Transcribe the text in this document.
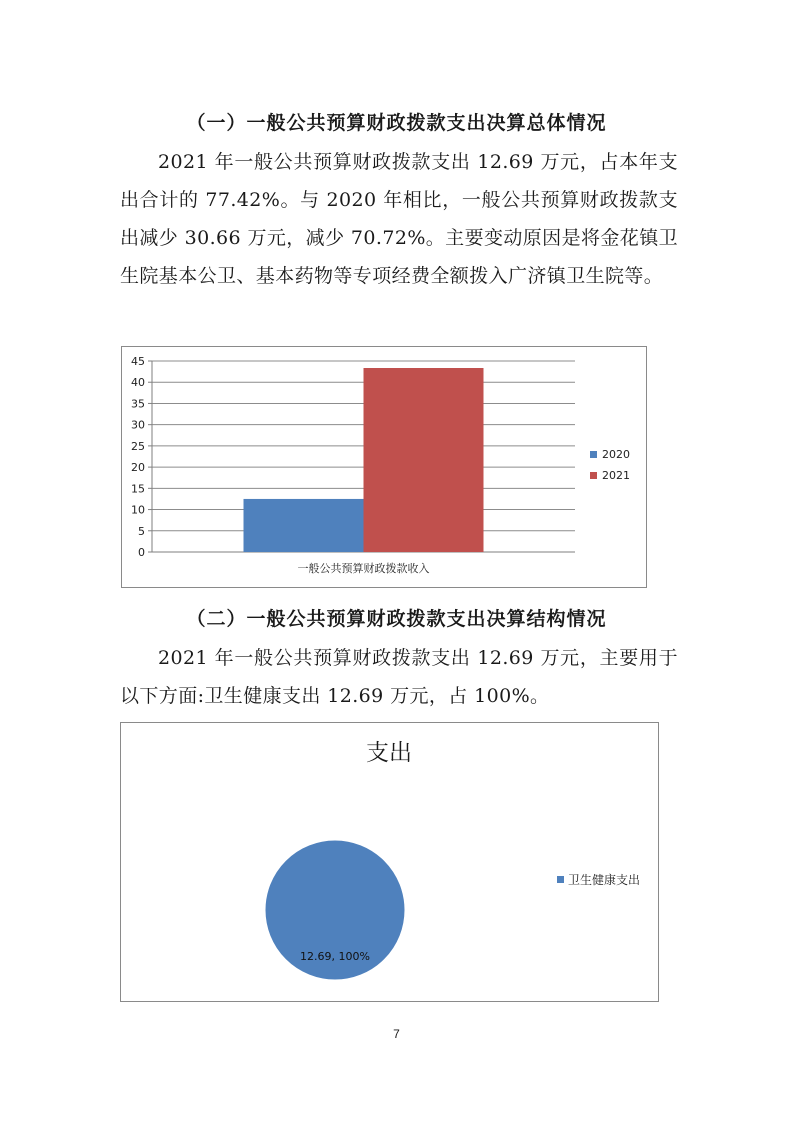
（一）一般公共预算财政拨款支出决算总体情况
2021 年一般公共预算财政拨款支出 12.69 万元，占本年支出合计的 77.42%。与 2020 年相比，一般公共预算财政拨款支出减少 30.66 万元，减少 70.72%。主要变动原因是将金花镇卫生院基本公卫、基本药物等专项经费全额拨入广济镇卫生院等。
0
5
10
15
20
25
30
35
40
45
一般公共预算财政拨款收入
2020
2021
（二）一般公共预算财政拨款支出决算结构情况
2021 年一般公共预算财政拨款支出 12.69 万元，主要用于以下方面:卫生健康支出 12.69 万元，占 100%。
支出
12.69, 100%
卫生健康支出
7
